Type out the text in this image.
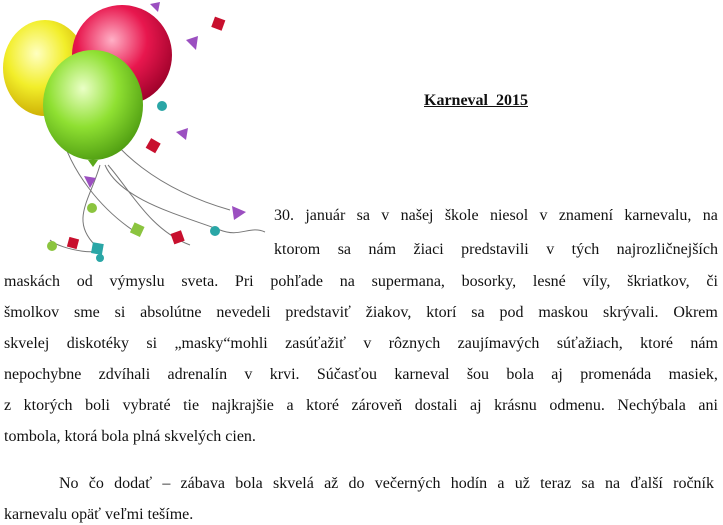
Karneval  2015
30. január sa v našej škole niesol v znamení karnevalu, na
ktorom sa nám žiaci predstavili v tých najrozličnejších
maskách od výmyslu sveta. Pri pohľade na supermana, bosorky, lesné víly, škriatkov, či
šmolkov sme si absolútne nevedeli predstaviť žiakov, ktorí sa pod maskou skrývali. Okrem
skvelej diskotéky si „masky“mohli zasúťažiť v rôznych zaujímavých súťažiach, ktoré nám
nepochybne zdvíhali adrenalín v krvi. Súčasťou karneval šou bola aj promenáda masiek,
z ktorých boli vybraté tie najkrajšie a ktoré zároveň dostali aj krásnu odmenu. Nechýbala ani
tombola, ktorá bola plná skvelých cien.
No čo dodať – zábava bola skvelá až do večerných hodín a už teraz sa na ďalší ročník
karnevalu opäť veľmi tešíme.
